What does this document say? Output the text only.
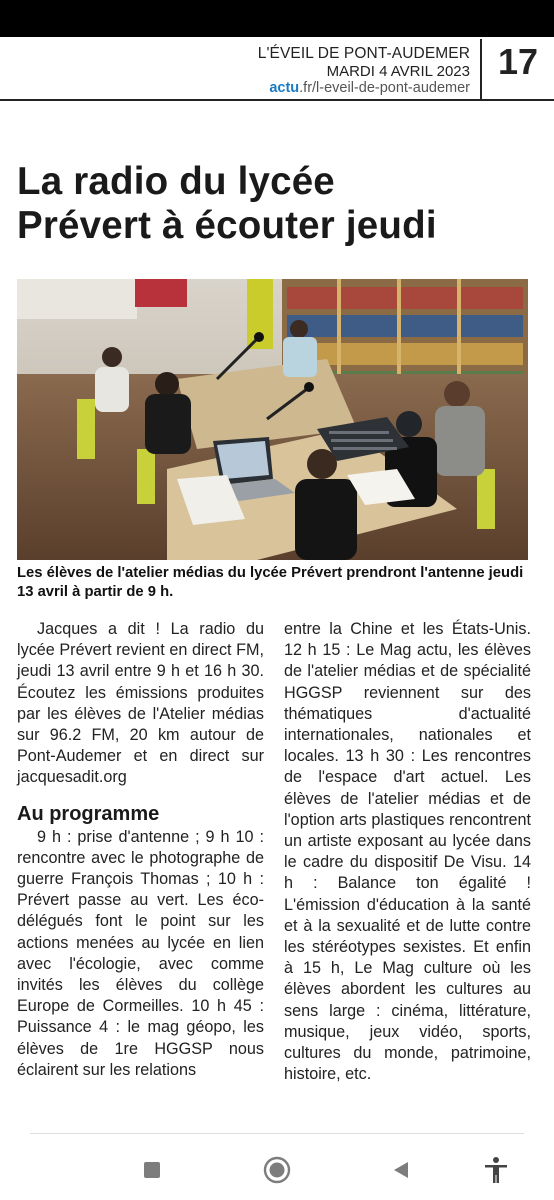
L'ÉVEIL DE PONT-AUDEMER
MARDI 4 AVRIL 2023
actu.fr/l-eveil-de-pont-audemer
17
La radio du lycée
Prévert à écouter jeudi

Les élèves de l'atelier médias du lycée Prévert prendront l'antenne jeudi 13 avril à partir de 9 h.

Jacques a dit ! La radio du lycée Prévert revient en direct FM, jeudi 13 avril entre 9 h et 16 h 30. Écoutez les émissions produites par les élèves de l'Atelier médias sur 96.2 FM, 20 km autour de Pont-Audemer et en direct sur jacquesadit.org

Au programme

9 h : prise d'antenne ; 9 h 10 : rencontre avec le photographe de guerre François Thomas ; 10 h : Prévert passe au vert. Les éco-délégués font le point sur les actions menées au lycée en lien avec l'écologie, avec comme invités les élèves du collège Europe de Cormeilles. 10 h 45 : Puissance 4 : le mag géopo, les élèves de 1re HGGSP nous éclairent sur les relations

entre la Chine et les États-Unis. 12 h 15 : Le Mag actu, les élèves de l'atelier médias et de spécialité HGGSP reviennent sur des thématiques d'actualité internationales, nationales et locales. 13 h 30 : Les rencontres de l'espace d'art actuel. Les élèves de l'atelier médias et de l'option arts plastiques rencontrent un artiste exposant au lycée dans le cadre du dispositif De Visu. 14 h : Balance ton égalité ! L'émission d'éducation à la santé et à la sexualité et de lutte contre les stéréotypes sexistes. Et enfin à 15 h, Le Mag culture où les élèves abordent les cultures au sens large : cinéma, littérature, musique, jeux vidéo, sports, cultures du monde, patrimoine, histoire, etc.
